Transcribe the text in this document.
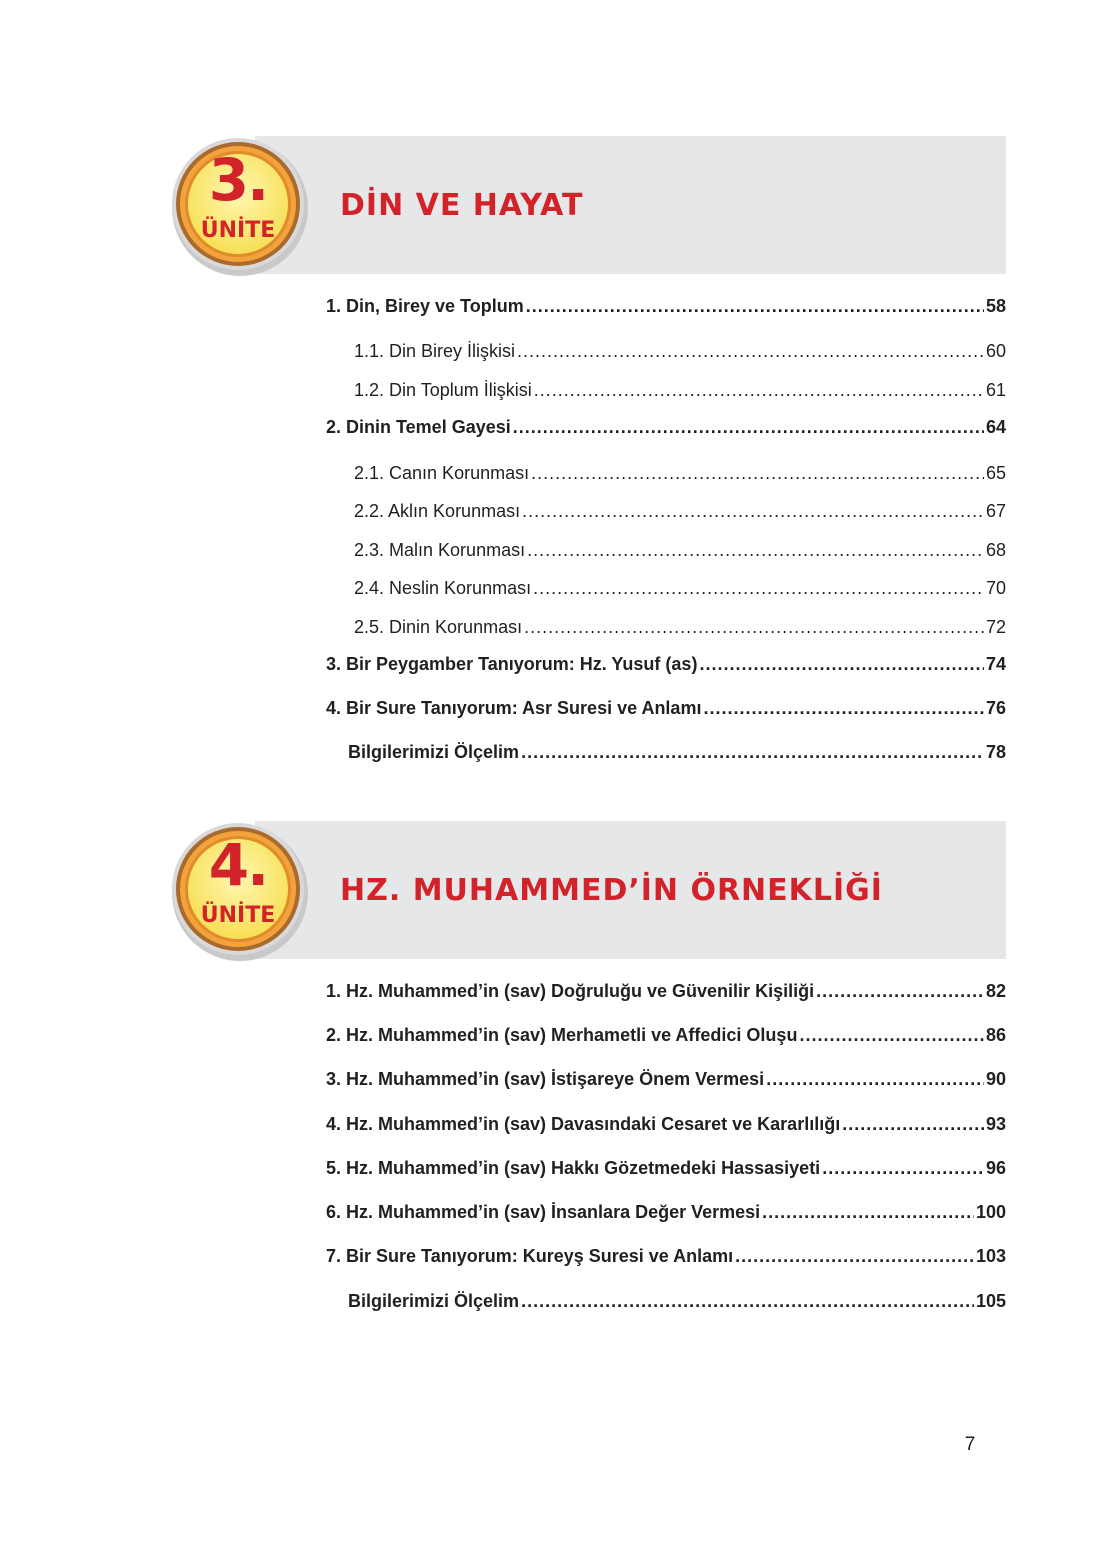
3.
ÜNİTE
DİN VE HAYAT
1. Din, Birey ve Toplum .....	58
1.1. Din Birey İlişkisi .....	60
1.2. Din Toplum İlişkisi .....	61
2. Dinin Temel Gayesi .....	64
2.1. Canın Korunması .....	65
2.2. Aklın Korunması .....	67
2.3. Malın Korunması .....	68
2.4. Neslin Korunması .....	70
2.5. Dinin Korunması .....	72
3. Bir Peygamber Tanıyorum: Hz. Yusuf (as) .....	74
4. Bir Sure Tanıyorum: Asr Suresi ve Anlamı .....	76
Bilgilerimizi Ölçelim .....	78
4.
ÜNİTE
HZ. MUHAMMED’İN ÖRNEKLİĞİ
1. Hz. Muhammed’in (sav) Doğruluğu ve Güvenilir Kişiliği .....	82
2. Hz. Muhammed’in (sav) Merhametli ve Affedici Oluşu .....	86
3. Hz. Muhammed’in (sav) İstişareye Önem Vermesi .....	90
4. Hz. Muhammed’in (sav) Davasındaki Cesaret ve Kararlılığı .....	93
5. Hz. Muhammed’in (sav) Hakkı Gözetmedeki Hassasiyeti .....	96
6. Hz. Muhammed’in (sav) İnsanlara Değer Vermesi .....	100
7. Bir Sure Tanıyorum: Kureyş Suresi ve Anlamı .....	103
Bilgilerimizi Ölçelim .....	105
7
